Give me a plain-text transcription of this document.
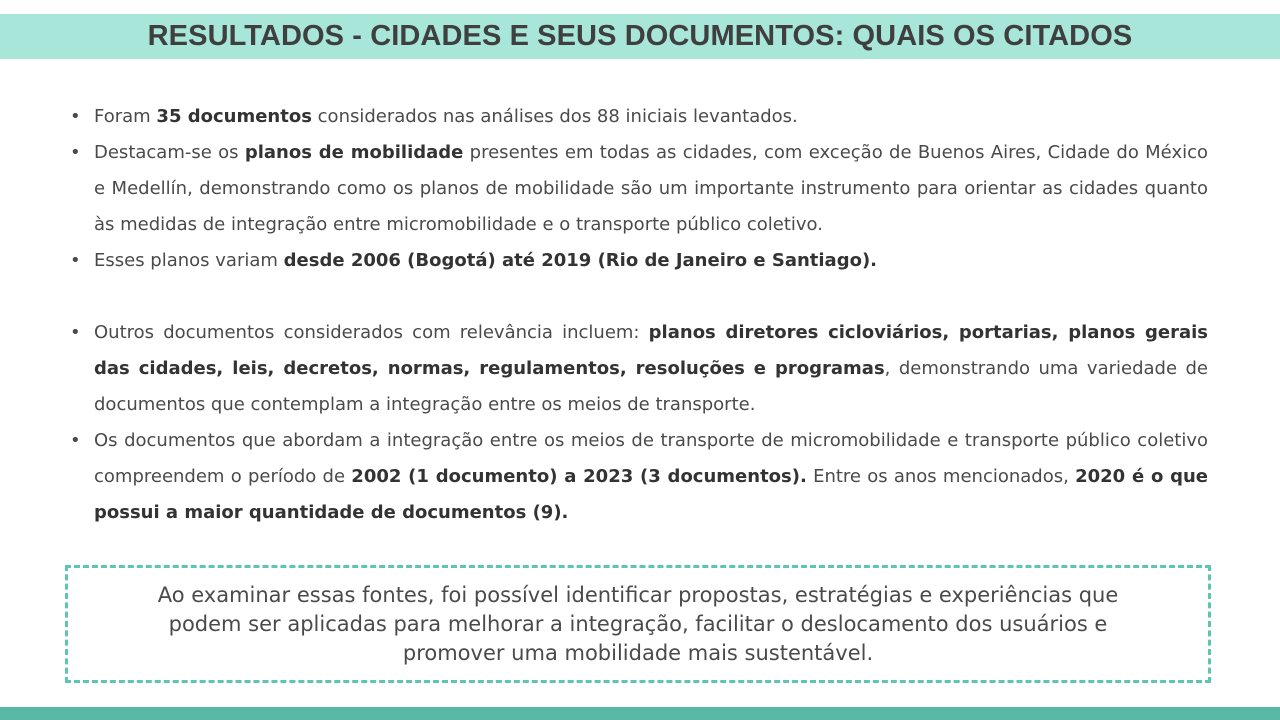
RESULTADOS - CIDADES E SEUS DOCUMENTOS: QUAIS OS CITADOS
• Foram 35 documentos considerados nas análises dos 88 iniciais levantados.
• Destacam-se os planos de mobilidade presentes em todas as cidades, com exceção de Buenos Aires, Cidade do México e Medellín, demonstrando como os planos de mobilidade são um importante instrumento para orientar as cidades quanto às medidas de integração entre micromobilidade e o transporte público coletivo.
• Esses planos variam desde 2006 (Bogotá) até 2019 (Rio de Janeiro e Santiago).
• Outros documentos considerados com relevância incluem: planos diretores cicloviários, portarias, planos gerais das cidades, leis, decretos, normas, regulamentos, resoluções e programas, demonstrando uma variedade de documentos que contemplam a integração entre os meios de transporte.
• Os documentos que abordam a integração entre os meios de transporte de micromobilidade e transporte público coletivo compreendem o período de 2002 (1 documento) a 2023 (3 documentos). Entre os anos mencionados, 2020 é o que possui a maior quantidade de documentos (9).
Ao examinar essas fontes, foi possível identificar propostas, estratégias e experiências que podem ser aplicadas para melhorar a integração, facilitar o deslocamento dos usuários e promover uma mobilidade mais sustentável.
